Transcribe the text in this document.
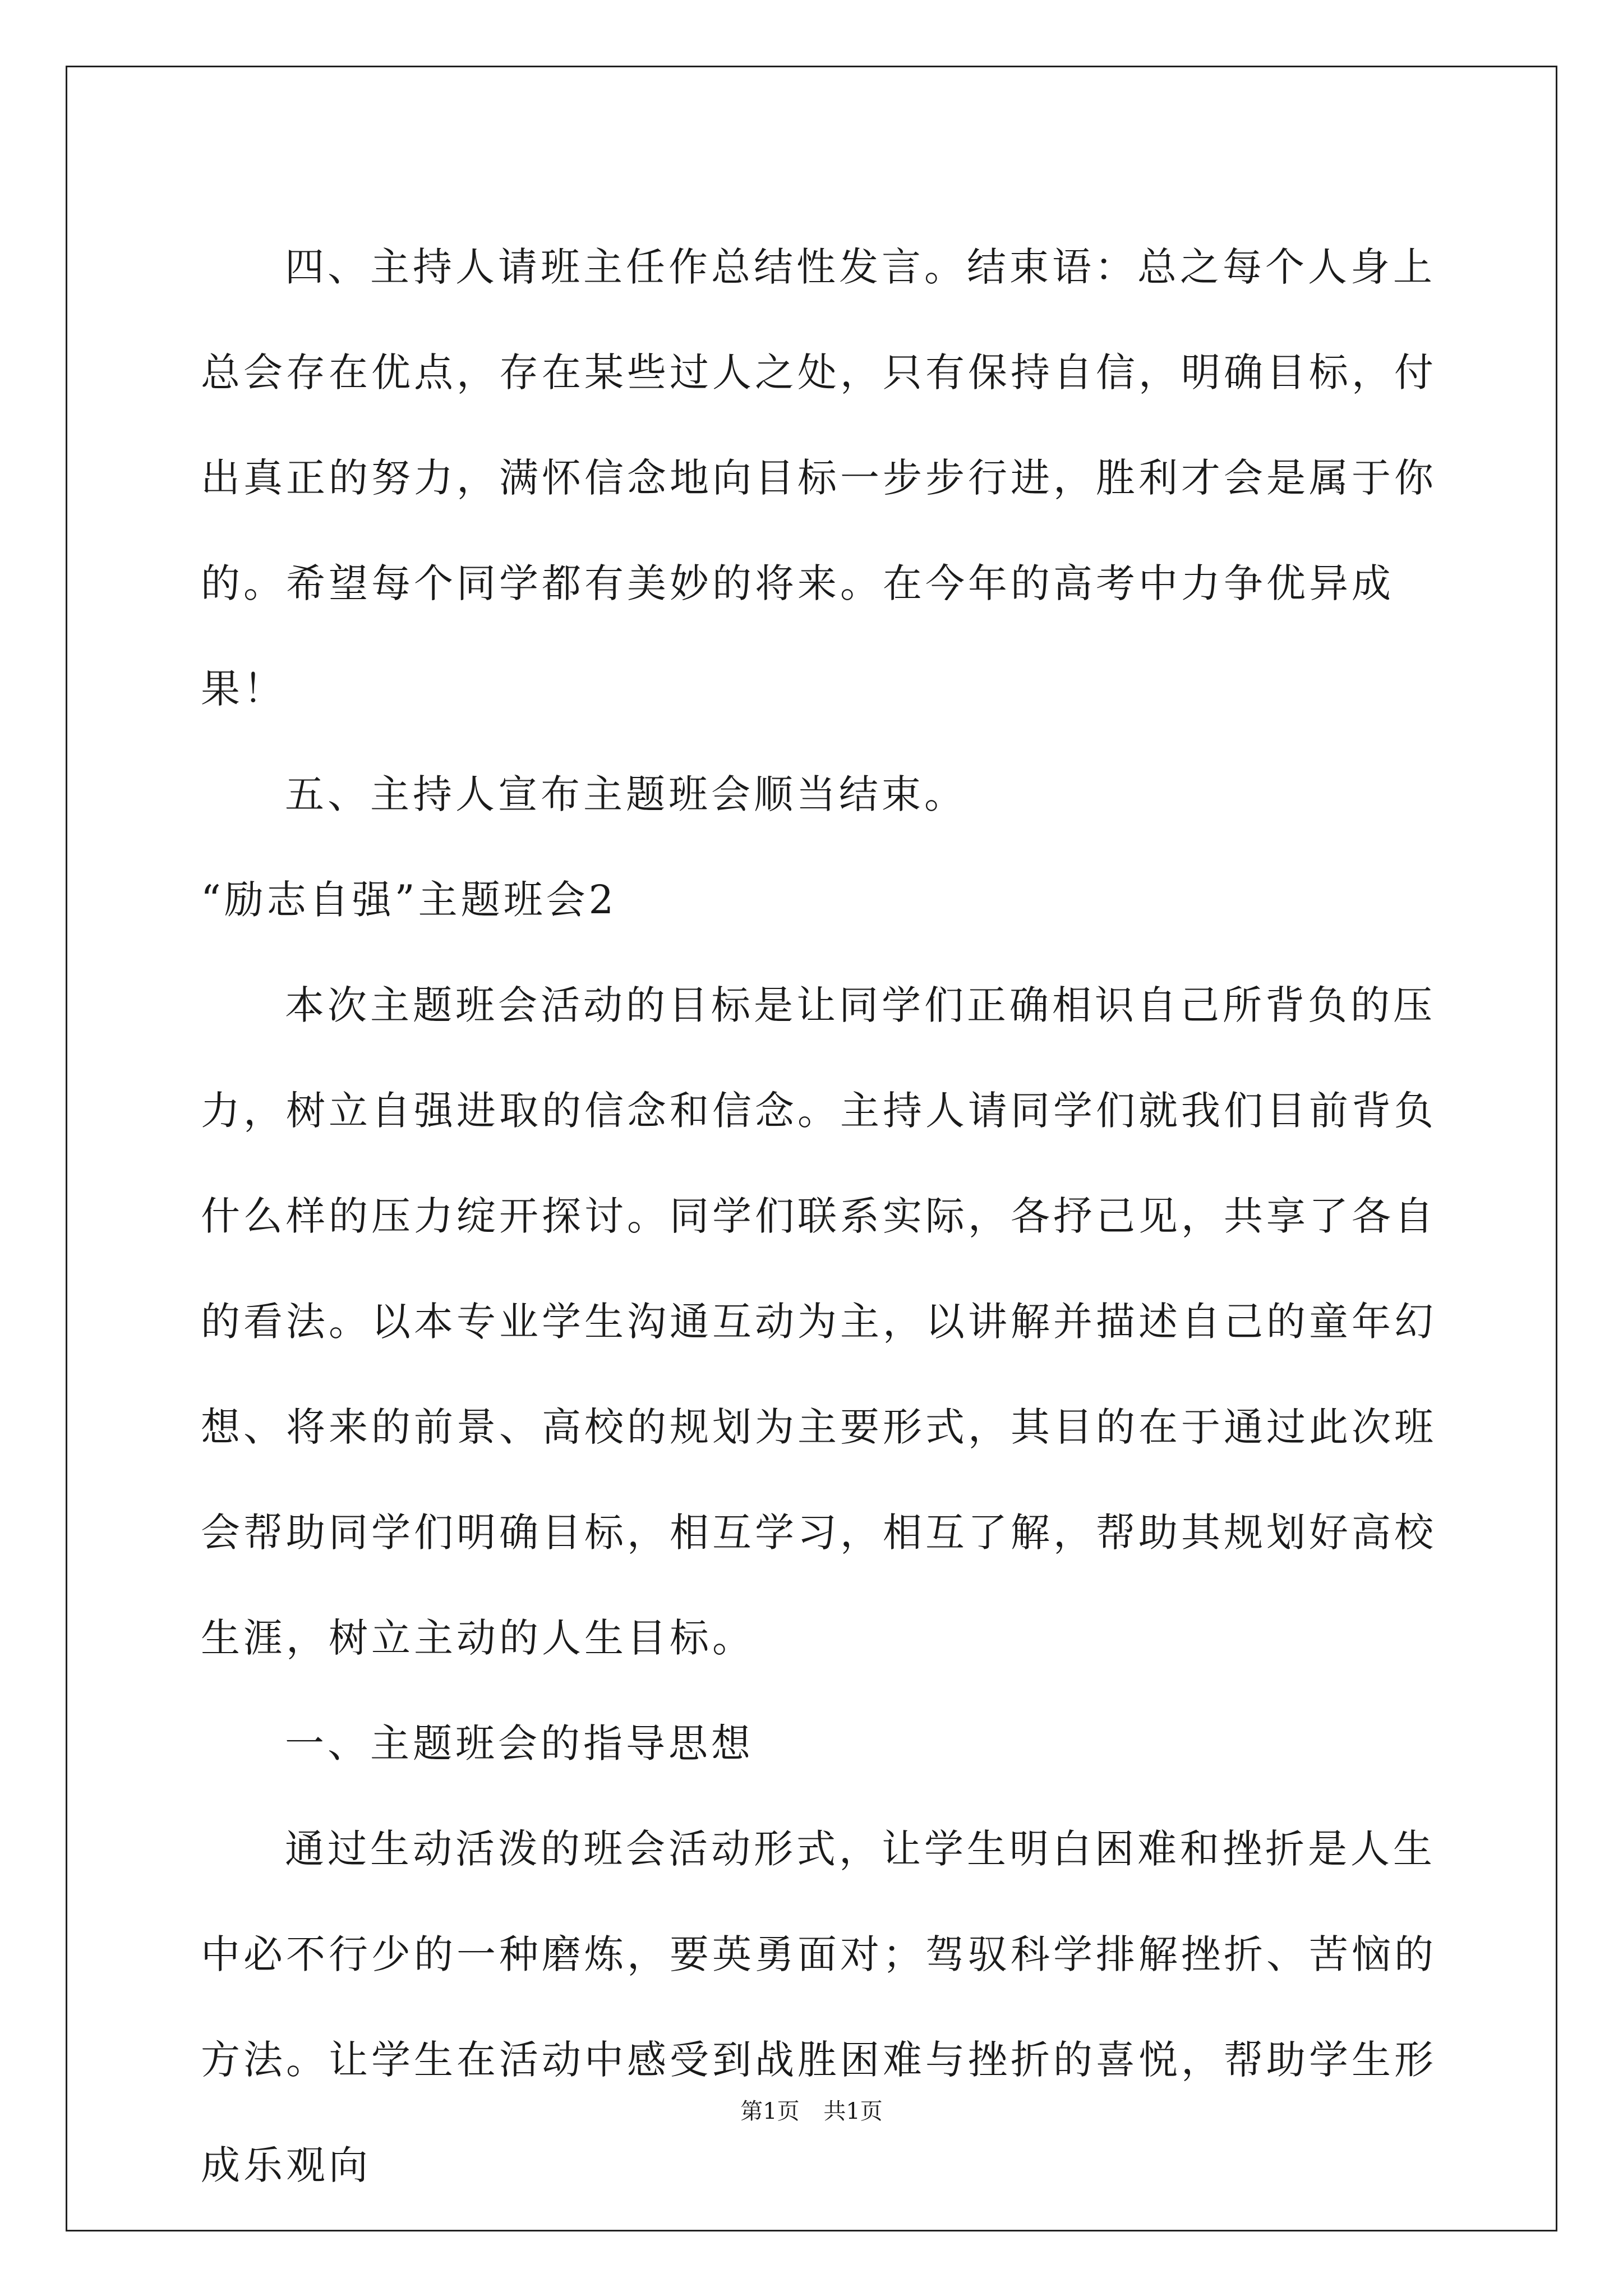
四、主持人请班主任作总结性发言。结束语：总之每个人身上总会存在优点，存在某些过人之处，只有保持自信，明确目标，付出真正的努力，满怀信念地向目标一步步行进，胜利才会是属于你的。希望每个同学都有美妙的将来。在今年的高考中力争优异成果！

五、主持人宣布主题班会顺当结束。

“励志自强”主题班会2

本次主题班会活动的目标是让同学们正确相识自己所背负的压力，树立自强进取的信念和信念。主持人请同学们就我们目前背负什么样的压力绽开探讨。同学们联系实际，各抒己见，共享了各自的看法。以本专业学生沟通互动为主，以讲解并描述自己的童年幻想、将来的前景、高校的规划为主要形式，其目的在于通过此次班会帮助同学们明确目标，相互学习，相互了解，帮助其规划好高校生涯，树立主动的人生目标。

一、主题班会的指导思想

通过生动活泼的班会活动形式，让学生明白困难和挫折是人生中必不行少的一种磨炼，要英勇面对；驾驭科学排解挫折、苦恼的方法。让学生在活动中感受到战胜困难与挫折的喜悦，帮助学生形成乐观向

第1页 共1页
